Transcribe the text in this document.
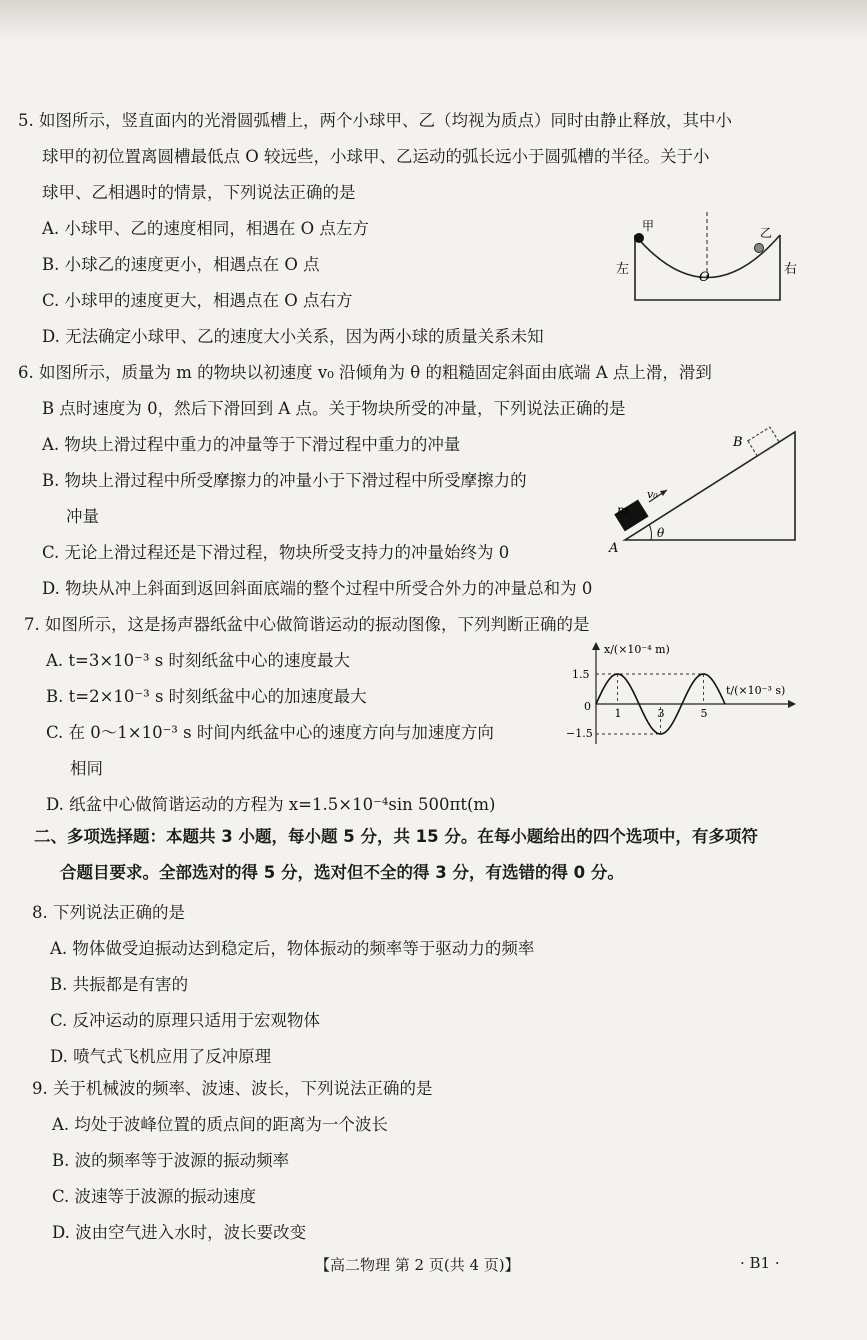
5. 如图所示，竖直面内的光滑圆弧槽上，两个小球甲、乙（均视为质点）同时由静止释放，其中小
球甲的初位置离圆槽最低点 O 较远些，小球甲、乙运动的弧长远小于圆弧槽的半径。关于小
球甲、乙相遇时的情景，下列说法正确的是
A. 小球甲、乙的速度相同，相遇在 O 点左方
B. 小球乙的速度更小，相遇点在 O 点
C. 小球甲的速度更大，相遇点在 O 点右方
D. 无法确定小球甲、乙的速度大小关系，因为两小球的质量关系未知
甲	乙
左	右
O
6. 如图所示，质量为 m 的物块以初速度 v₀ 沿倾角为 θ 的粗糙固定斜面由底端 A 点上滑，滑到
B 点时速度为 0，然后下滑回到 A 点。关于物块所受的冲量，下列说法正确的是
A. 物块上滑过程中重力的冲量等于下滑过程中重力的冲量
B. 物块上滑过程中所受摩擦力的冲量小于下滑过程中所受摩擦力的
冲量
C. 无论上滑过程还是下滑过程，物块所受支持力的冲量始终为 0
D. 物块从冲上斜面到返回斜面底端的整个过程中所受合外力的冲量总和为 0
B
A
m
v₀
θ
7. 如图所示，这是扬声器纸盆中心做简谐运动的振动图像，下列判断正确的是
A. t=3×10⁻³ s 时刻纸盆中心的速度最大
B. t=2×10⁻³ s 时刻纸盆中心的加速度最大
C. 在 0～1×10⁻³ s 时间内纸盆中心的速度方向与加速度方向
相同
D. 纸盆中心做简谐运动的方程为 x=1.5×10⁻⁴sin 500πt(m)
x/(×10⁻⁴ m)
t/(×10⁻³ s)
1.5
−1.5
0
1	3	5
二、多项选择题：本题共 3 小题，每小题 5 分，共 15 分。在每小题给出的四个选项中，有多项符
合题目要求。全部选对的得 5 分，选对但不全的得 3 分，有选错的得 0 分。
8. 下列说法正确的是
A. 物体做受迫振动达到稳定后，物体振动的频率等于驱动力的频率
B. 共振都是有害的
C. 反冲运动的原理只适用于宏观物体
D. 喷气式飞机应用了反冲原理
9. 关于机械波的频率、波速、波长，下列说法正确的是
A. 均处于波峰位置的质点间的距离为一个波长
B. 波的频率等于波源的振动频率
C. 波速等于波源的振动速度
D. 波由空气进入水时，波长要改变
【高二物理 第 2 页(共 4 页)】	· B1 ·
